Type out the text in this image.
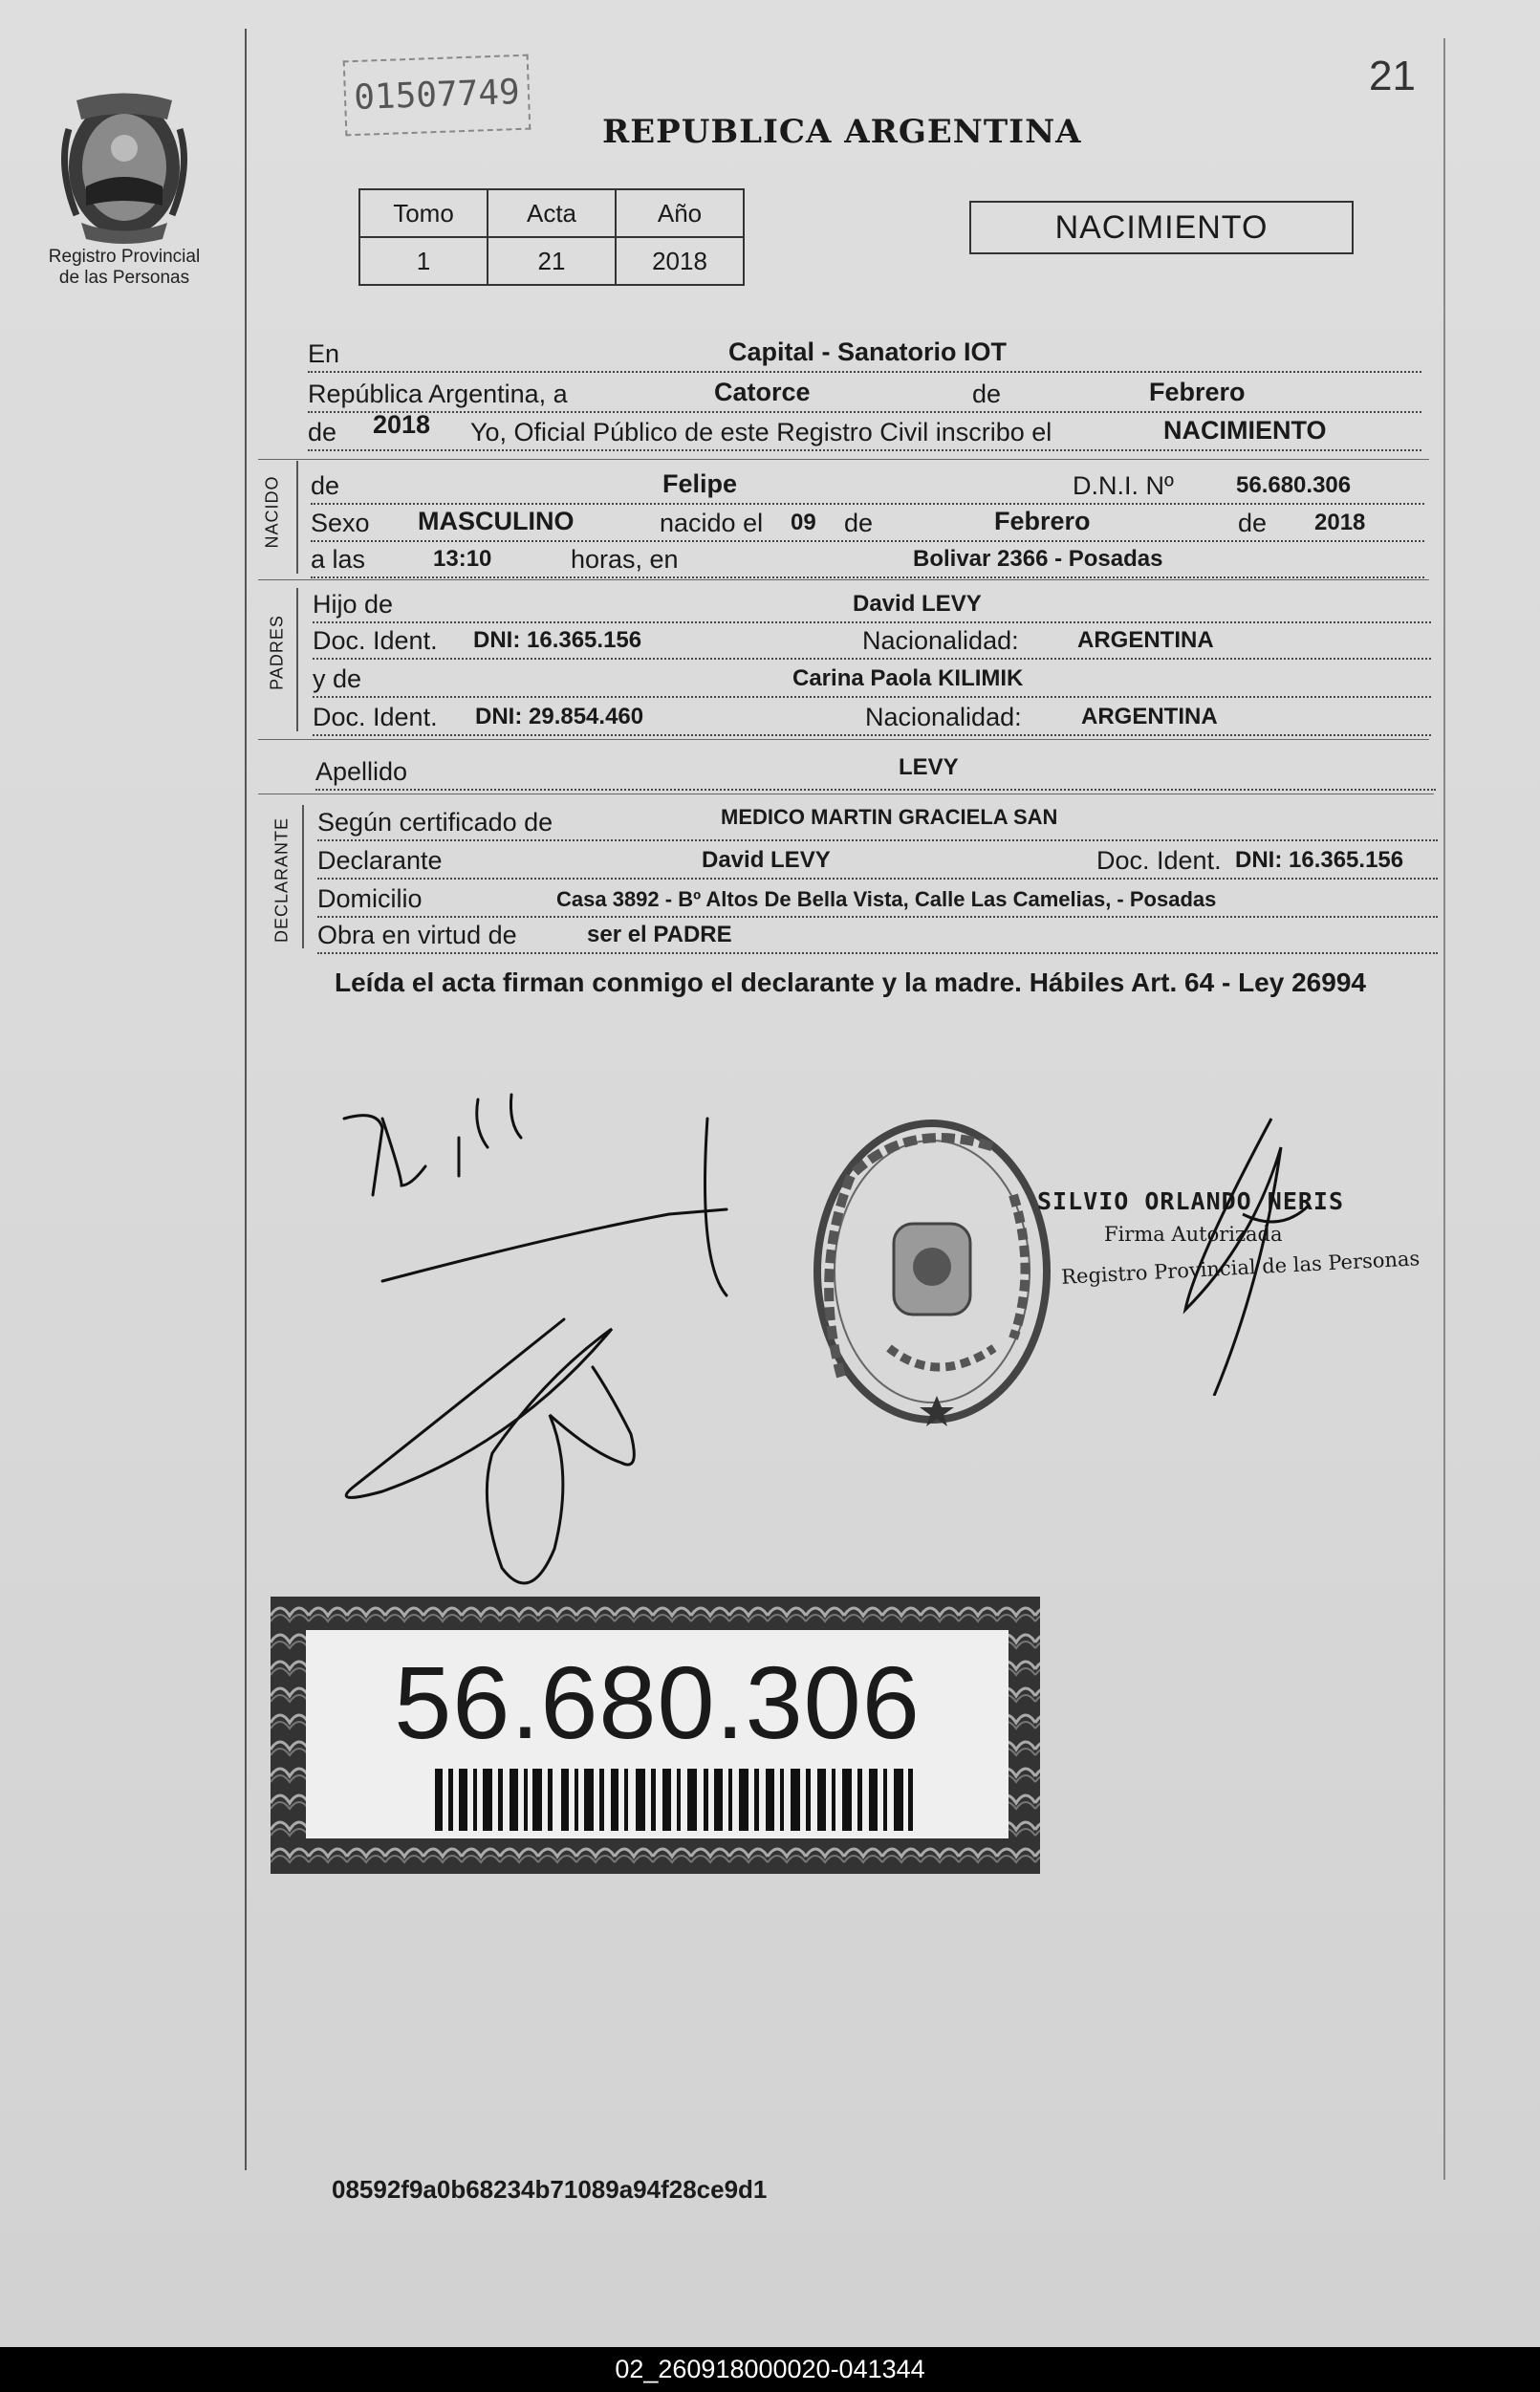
Registro Provincial
de las Personas
01507749	21
REPUBLICA ARGENTINA
Tomo	Acta	Año
1	21	2018
NACIMIENTO
En	Capital - Sanatorio IOT
República Argentina, a	Catorce	de	Febrero
de 2018 Yo, Oficial Público de este Registro Civil inscribo el	NACIMIENTO
NACIDO de	Felipe	D.N.I. Nº	56.680.306
Sexo MASCULINO	nacido el 09 de	Febrero	de 2018
a las	13:10	horas, en	Bolivar 2366 - Posadas
PADRES
Hijo de	David LEVY
Doc. Ident. DNI: 16.365.156	Nacionalidad:	ARGENTINA
y de	Carina Paola KILIMIK
Doc. Ident. DNI: 29.854.460	Nacionalidad:	ARGENTINA
Apellido	LEVY
DECLARANTE Según certificado de	MEDICO MARTIN GRACIELA SAN
Declarante	David LEVY	Doc. Ident. DNI: 16.365.156
Domicilio	Casa 3892 - Bº Altos De Bella Vista, Calle Las Camelias, - Posadas
Obra en virtud de	ser el PADRE
Leída el acta firman conmigo el declarante y la madre. Hábiles Art. 64 - Ley 26994
SILVIO ORLANDO NERIS
Firma Autorizada
Registro Provincial de las Personas
56.680.306
08592f9a0b68234b71089a94f28ce9d1
02_260918000020-041344
